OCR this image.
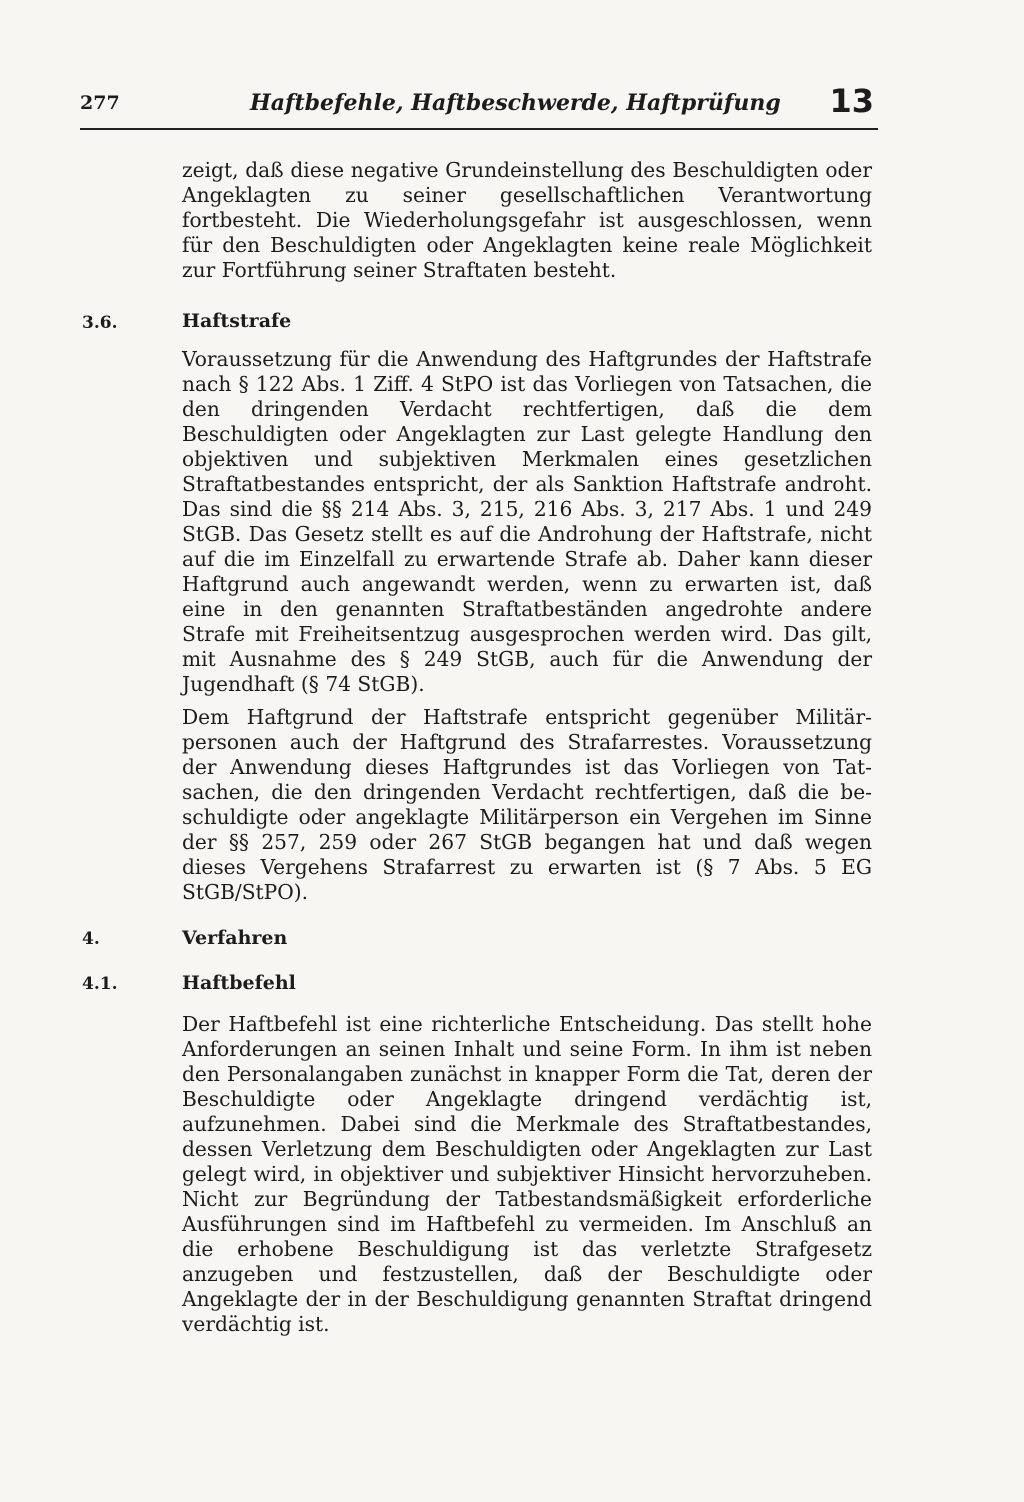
277	Haftbefehle, Haftbeschwerde, Haftprüfung 13

zeigt, daß diese negative Grundeinstellung des Beschuldigten oder Angeklagten zu seiner gesellschaftlichen Verantwortung fortbesteht. Die Wiederholungsgefahr ist ausgeschlossen, wenn für den Beschuldigten oder Angeklagten keine reale Möglichkeit zur Fortführung seiner Straftaten besteht.

3.6.	Haftstrafe

Voraussetzung für die Anwendung des Haftgrundes der Haftstrafe nach § 122 Abs. 1 Ziff. 4 StPO ist das Vorliegen von Tatsachen, die den dringenden Verdacht rechtfertigen, daß die dem Beschuldigten oder Angeklagten zur Last gelegte Handlung den objektiven und subjektiven Merkmalen eines gesetzlichen Straftatbestandes entspricht, der als Sanktion Haftstrafe androht. Das sind die §§ 214 Abs. 3, 215, 216 Abs. 3, 217 Abs. 1 und 249 StGB. Das Gesetz stellt es auf die Androhung der Haftstrafe, nicht auf die im Einzelfall zu erwartende Strafe ab. Daher kann dieser Haftgrund auch angewandt werden, wenn zu erwarten ist, daß eine in den genannten Straftatbeständen angedrohte andere Strafe mit Freiheitsentzug ausgesprochen werden wird. Das gilt, mit Ausnahme des § 249 StGB, auch für die Anwendung der Jugendhaft (§ 74 StGB).

Dem Haftgrund der Haftstrafe entspricht gegenüber Militärpersonen auch der Haftgrund des Strafarrestes. Voraussetzung der Anwendung dieses Haftgrundes ist das Vorliegen von Tatsachen, die den dringenden Verdacht rechtfertigen, daß die beschuldigte oder angeklagte Militärperson ein Vergehen im Sinne der §§ 257, 259 oder 267 StGB begangen hat und daß wegen dieses Vergehens Strafarrest zu erwarten ist (§ 7 Abs. 5 EG StGB/StPO).

4.	Verfahren
4.1.	Haftbefehl

Der Haftbefehl ist eine richterliche Entscheidung. Das stellt hohe Anforderungen an seinen Inhalt und seine Form. In ihm ist neben den Personalangaben zunächst in knapper Form die Tat, deren der Beschuldigte oder Angeklagte dringend verdächtig ist, aufzunehmen. Dabei sind die Merkmale des Straftatbestandes, dessen Verletzung dem Beschuldigten oder Angeklagten zur Last gelegt wird, in objektiver und subjektiver Hinsicht hervorzuheben. Nicht zur Begründung der Tatbestandsmäßigkeit erforderliche Ausführungen sind im Haftbefehl zu vermeiden. Im Anschluß an die erhobene Beschuldigung ist das verletzte Strafgesetz anzugeben und festzustellen, daß der Beschuldigte oder Angeklagte der in der Beschuldigung genannten Straftat dringend verdächtig ist.
